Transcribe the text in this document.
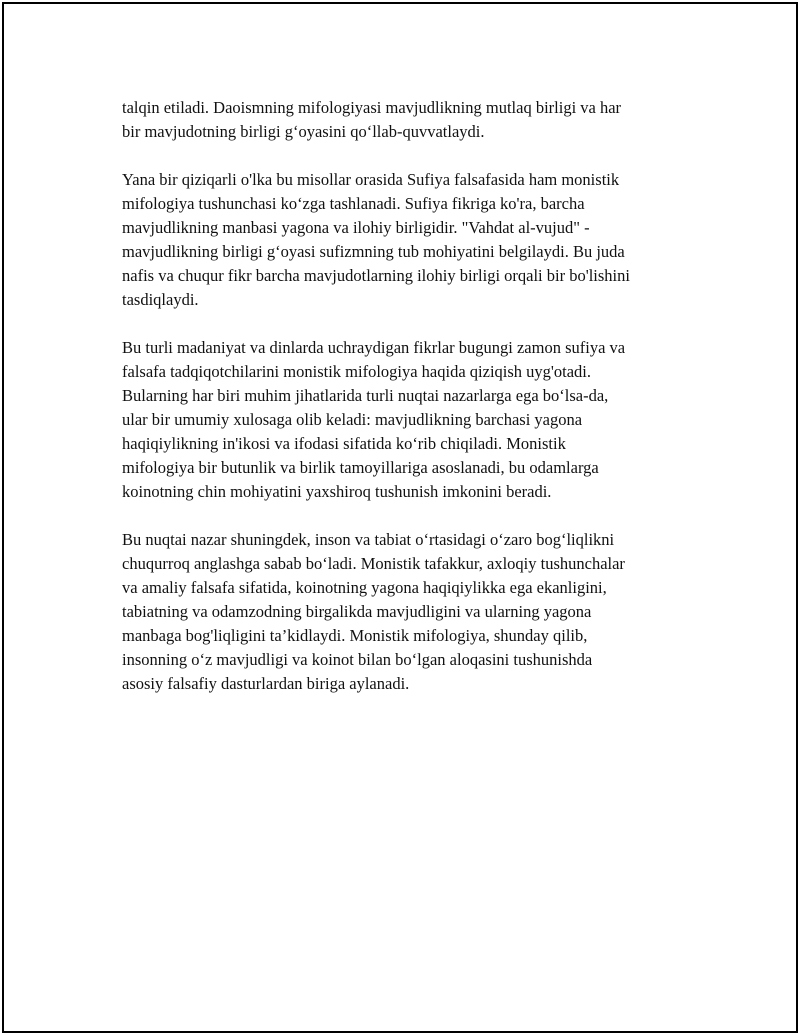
talqin etiladi. Daoismning mifologiyasi mavjudlikning mutlaq birligi va har
bir mavjudotning birligi g‘oyasini qo‘llab-quvvatlaydi.

Yana bir qiziqarli o'lka bu misollar orasida Sufiya falsafasida ham monistik
mifologiya tushunchasi ko‘zga tashlanadi. Sufiya fikriga ko'ra, barcha
mavjudlikning manbasi yagona va ilohiy birligidir. "Vahdat al-vujud" -
mavjudlikning birligi g‘oyasi sufizmning tub mohiyatini belgilaydi. Bu juda
nafis va chuqur fikr barcha mavjudotlarning ilohiy birligi orqali bir bo'lishini
tasdiqlaydi.

Bu turli madaniyat va dinlarda uchraydigan fikrlar bugungi zamon sufiya va
falsafa tadqiqotchilarini monistik mifologiya haqida qiziqish uyg'otadi.
Bularning har biri muhim jihatlarida turli nuqtai nazarlarga ega bo‘lsa-da,
ular bir umumiy xulosaga olib keladi: mavjudlikning barchasi yagona
haqiqiylikning in'ikosi va ifodasi sifatida ko‘rib chiqiladi. Monistik
mifologiya bir butunlik va birlik tamoyillariga asoslanadi, bu odamlarga
koinotning chin mohiyatini yaxshiroq tushunish imkonini beradi.

Bu nuqtai nazar shuningdek, inson va tabiat o‘rtasidagi o‘zaro bog‘liqlikni
chuqurroq anglashga sabab bo‘ladi. Monistik tafakkur, axloqiy tushunchalar
va amaliy falsafa sifatida, koinotning yagona haqiqiylikka ega ekanligini,
tabiatning va odamzodning birgalikda mavjudligini va ularning yagona
manbaga bog'liqligini ta’kidlaydi. Monistik mifologiya, shunday qilib,
insonning o‘z mavjudligi va koinot bilan bo‘lgan aloqasini tushunishda
asosiy falsafiy dasturlardan biriga aylanadi.
